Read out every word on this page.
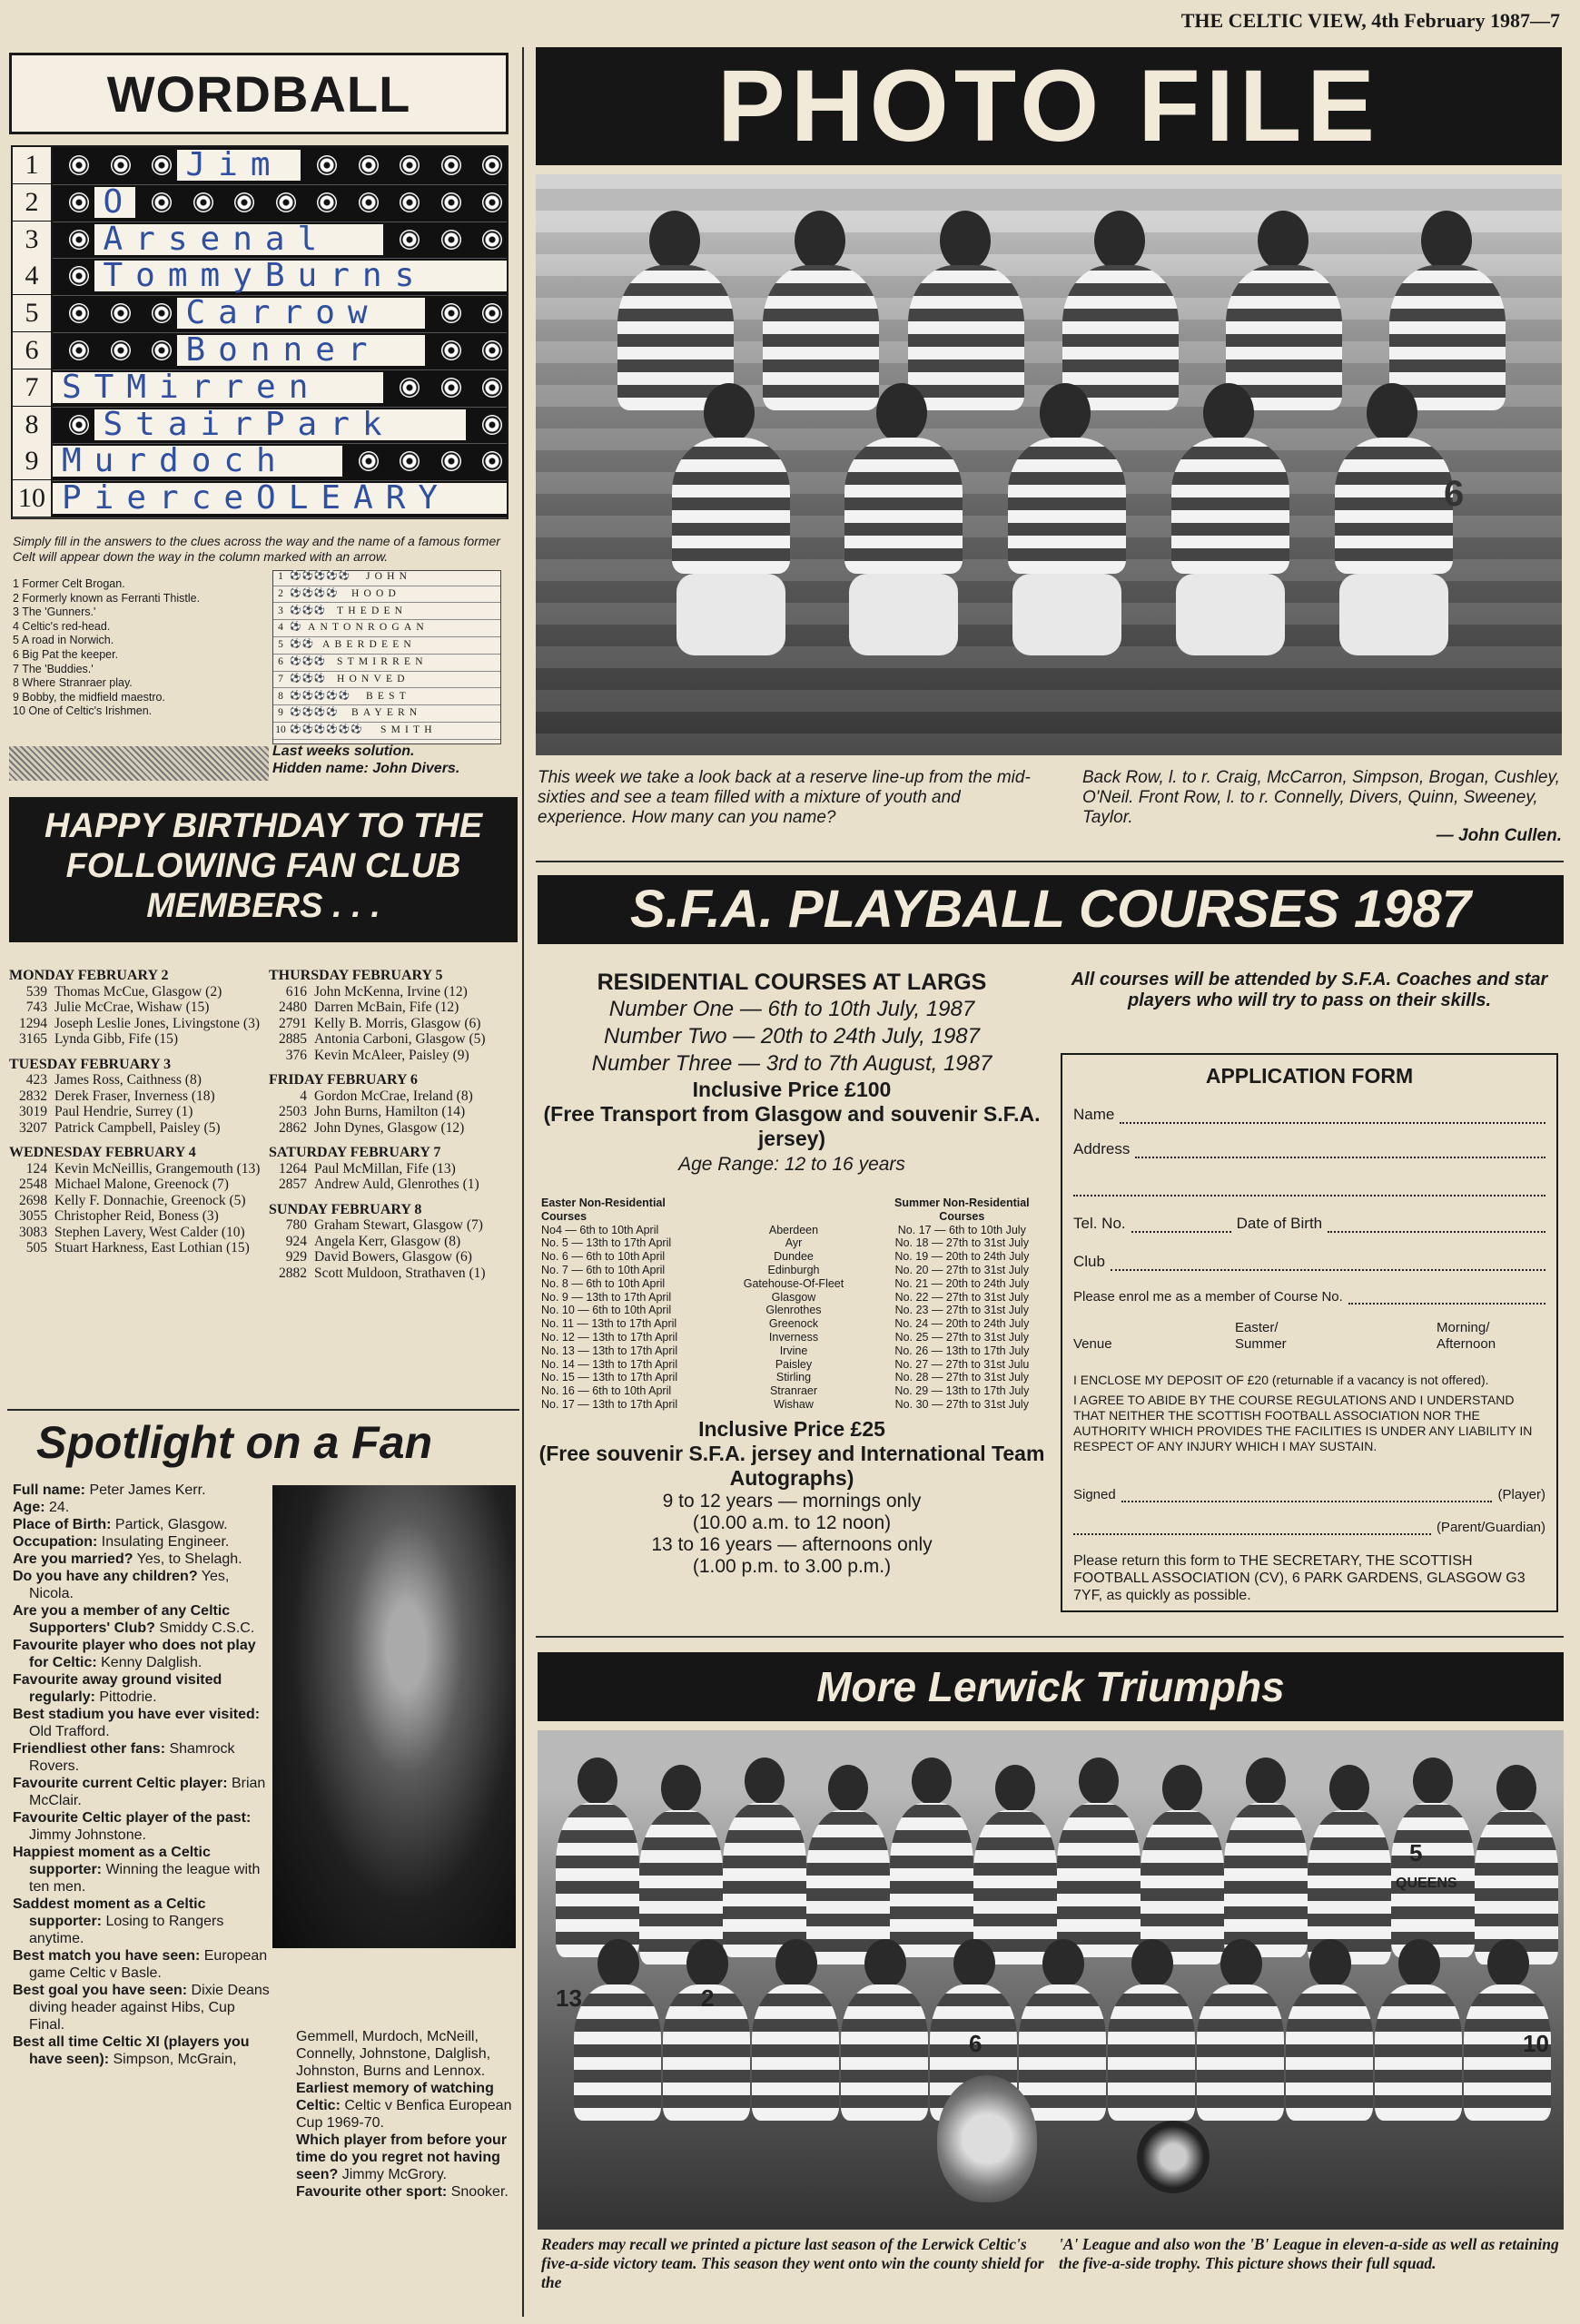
THE CELTIC VIEW, 4th February 1987—7
WORDBALL
1	Jim
2	O
3	Arsenal
4	TommyBurns
5	Carrow
6	Bonner
7 STMirren
8	StairPark
9 Murdoch
10 PierceOLEARY
Simply fill in the answers to the clues across the way and the name of a famous former Celt will appear down the way in the column marked with an arrow.
1 Former Celt Brogan.
2 Formerly known as Ferranti Thistle.
3 The 'Gunners.'
4 Celtic's red-head.
5 A road in Norwich.
6 Big Pat the keeper.
7 The 'Buddies.'
8 Where Stranraer play.
9 Bobby, the midfield maestro.
10 One of Celtic's Irishmen.
1 ⚽⚽⚽⚽⚽ JOHN
2 ⚽⚽⚽⚽ HOOD
3 ⚽⚽⚽ THEDEN
4 ⚽ ANTONROGAN
5 ⚽⚽ ABERDEEN
6 ⚽⚽⚽ STMIRREN
7 ⚽⚽⚽ HONVED
8 ⚽⚽⚽⚽⚽ BEST
9 ⚽⚽⚽⚽ BAYERN
10 ⚽⚽⚽⚽⚽⚽ SMITH
Last weeks solution.
Hidden name: John Divers.
HAPPY BIRTHDAY TO THE FOLLOWING FAN CLUB MEMBERS . . .
MONDAY FEBRUARY 2
539 Thomas McCue, Glasgow (2)
743 Julie McCrae, Wishaw (15)
1294 Joseph Leslie Jones, Livingstone (3)
3165 Lynda Gibb, Fife (15)
TUESDAY FEBRUARY 3
423 James Ross, Caithness (8)
2832 Derek Fraser, Inverness (18)
3019 Paul Hendrie, Surrey (1)
3207 Patrick Campbell, Paisley (5)
WEDNESDAY FEBRUARY 4
124 Kevin McNeillis, Grangemouth (13)
2548 Michael Malone, Greenock (7)
2698 Kelly F. Donnachie, Greenock (5)
3055 Christopher Reid, Boness (3)
3083 Stephen Lavery, West Calder (10)
505 Stuart Harkness, East Lothian (15)
THURSDAY FEBRUARY 5
616 John McKenna, Irvine (12)
2480 Darren McBain, Fife (12)
2791 Kelly B. Morris, Glasgow (6)
2885 Antonia Carboni, Glasgow (5)
376 Kevin McAleer, Paisley (9)
FRIDAY FEBRUARY 6
4 Gordon McCrae, Ireland (8)
2503 John Burns, Hamilton (14)
2862 John Dynes, Glasgow (12)
SATURDAY FEBRUARY 7
1264 Paul McMillan, Fife (13)
2857 Andrew Auld, Glenrothes (1)
SUNDAY FEBRUARY 8
780 Graham Stewart, Glasgow (7)
924 Angela Kerr, Glasgow (8)
929 David Bowers, Glasgow (6)
2882 Scott Muldoon, Strathaven (1)
Spotlight on a Fan
Full name: Peter James Kerr.
Age: 24.
Place of Birth: Partick, Glasgow.
Occupation: Insulating Engineer.
Are you married? Yes, to Shelagh.
Do you have any children? Yes, Nicola.
Are you a member of any Celtic Supporters' Club? Smiddy C.S.C.
Favourite player who does not play for Celtic: Kenny Dalglish.
Favourite away ground visited regularly: Pittodrie.
Best stadium you have ever visited: Old Trafford.
Friendliest other fans: Shamrock Rovers.
Favourite current Celtic player: Brian McClair.
Favourite Celtic player of the past: Jimmy Johnstone.
Happiest moment as a Celtic supporter: Winning the league with ten men.
Saddest moment as a Celtic supporter: Losing to Rangers anytime.
Best match you have seen: European game Celtic v Basle.
Best goal you have seen: Dixie Deans diving header against Hibs, Cup Final.
Best all time Celtic XI (players you have seen): Simpson, McGrain,
Gemmell, Murdoch, McNeill, Connelly, Johnstone, Dalglish, Johnston, Burns and Lennox.
Earliest memory of watching Celtic: Celtic v Benfica European Cup 1969-70.
Which player from before your time do you regret not having seen? Jimmy McGrory.
Favourite other sport: Snooker.
PHOTO FILE
6
This week we take a look back at a reserve line-up from the mid-sixties and see a team filled with a mixture of youth and experience. How many can you name?
Back Row, l. to r. Craig, McCarron, Simpson, Brogan, Cushley, O'Neil. Front Row, l. to r. Connelly, Divers, Quinn, Sweeney, Taylor.
— John Cullen.
S.F.A. PLAYBALL COURSES 1987
RESIDENTIAL COURSES AT LARGS
Number One — 6th to 10th July, 1987
Number Two — 20th to 24th July, 1987
Number Three — 3rd to 7th August, 1987
Inclusive Price £100
(Free Transport from Glasgow and souvenir S.F.A. jersey)
Age Range: 12 to 16 years
Easter Non-Residential Courses
Summer Non-Residential Courses
No4 — 6th to 10th April	Aberdeen	No. 17 — 6th to 10th July
No. 5 — 13th to 17th April	Ayr	No. 18 — 27th to 31st July
No. 6 — 6th to 10th April	Dundee	No. 19 — 20th to 24th July
No. 7 — 6th to 10th April	Edinburgh	No. 20 — 27th to 31st July
No. 8 — 6th to 10th April	Gatehouse-Of-Fleet	No. 21 — 20th to 24th July
No. 9 — 13th to 17th April	Glasgow	No. 22 — 27th to 31st July
No. 10 — 6th to 10th April	Glenrothes	No. 23 — 27th to 31st July
No. 11 — 13th to 17th April	Greenock	No. 24 — 20th to 24th July
No. 12 — 13th to 17th April	Inverness	No. 25 — 27th to 31st July
No. 13 — 13th to 17th April	Irvine	No. 26 — 13th to 17th July
No. 14 — 13th to 17th April	Paisley	No. 27 — 27th to 31st Julu
No. 15 — 13th to 17th April	Stirling	No. 28 — 27th to 31st July
No. 16 — 6th to 10th April	Stranraer	No. 29 — 13th to 17th July
No. 17 — 13th to 17th April	Wishaw	No. 30 — 27th to 31st July
Inclusive Price £25
(Free souvenir S.F.A. jersey and International Team Autographs)
9 to 12 years — mornings only
(10.00 a.m. to 12 noon)
13 to 16 years — afternoons only
(1.00 p.m. to 3.00 p.m.)
All courses will be attended by S.F.A. Coaches and star players who will try to pass on their skills.
APPLICATION FORM
Name
Address
Tel. No.	Date of Birth
Club
Please enrol me as a member of Course No.
Venue
Easter/
Summer
Morning/
Afternoon
I ENCLOSE MY DEPOSIT OF £20 (returnable if a vacancy is not offered).
I AGREE TO ABIDE BY THE COURSE REGULATIONS AND I UNDERSTAND THAT NEITHER THE SCOTTISH FOOTBALL ASSOCIATION NOR THE AUTHORITY WHICH PROVIDES THE FACILITIES IS UNDER ANY LIABILITY IN RESPECT OF ANY INJURY WHICH I MAY SUSTAIN.
Signed	(Player)
(Parent/Guardian)
Please return this form to THE SECRETARY, THE SCOTTISH FOOTBALL ASSOCIATION (CV), 6 PARK GARDENS, GLASGOW G3 7YF, as quickly as possible.
More Lerwick Triumphs
QUEENS
13	2
6
5
10
Readers may recall we printed a picture last season of the Lerwick Celtic's five-a-side victory team. This season they went onto win the county shield for the
'A' League and also won the 'B' League in eleven-a-side as well as retaining the five-a-side trophy. This picture shows their full squad.
